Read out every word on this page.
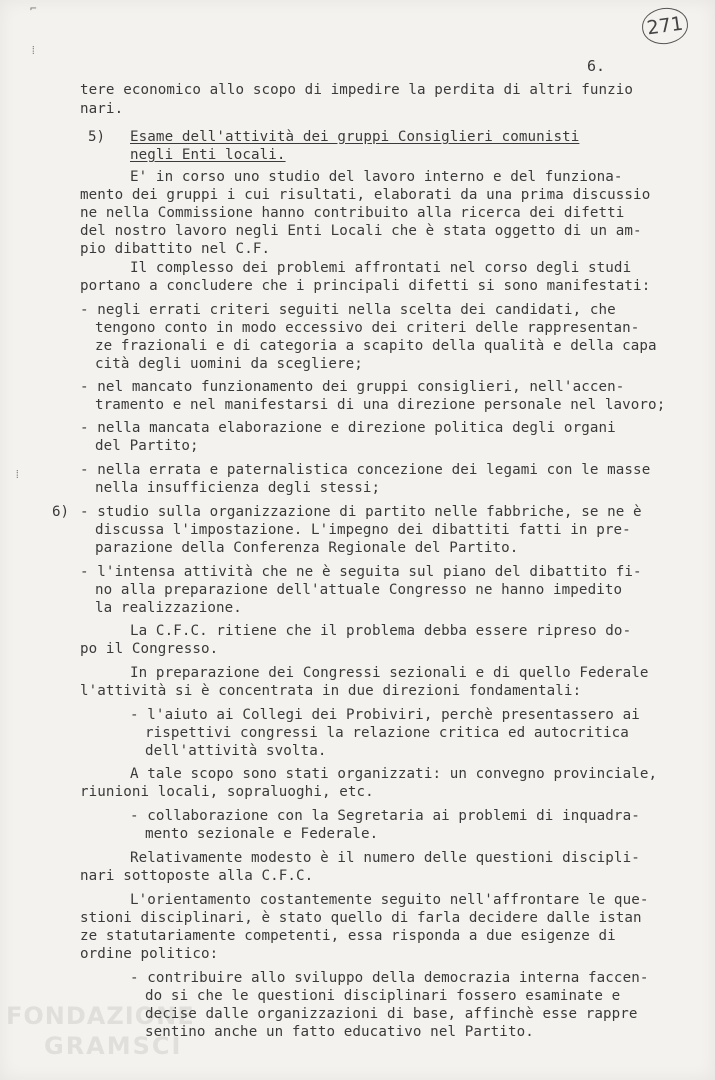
271
6.
⌐
⁞
⁞
tere economico allo scopo di impedire la perdita di altri funzio
nari.
5) Esame dell'attività dei gruppi Consiglieri comunisti
negli Enti locali.
E' in corso uno studio del lavoro interno e del funziona-
mento dei gruppi i cui risultati, elaborati da una prima discussio
ne nella Commissione hanno contribuito alla ricerca dei difetti
del nostro lavoro negli Enti Locali che è stata oggetto di un am-
pio dibattito nel C.F.
Il complesso dei problemi affrontati nel corso degli studi
portano a concludere che i principali difetti si sono manifestati:
- negli errati criteri seguiti nella scelta dei candidati, che
tengono conto in modo eccessivo dei criteri delle rappresentan-
ze frazionali e di categoria a scapito della qualità e della capa
cità degli uomini da scegliere;
- nel mancato funzionamento dei gruppi consiglieri, nell'accen-
tramento e nel manifestarsi di una direzione personale nel lavoro;
- nella mancata elaborazione e direzione politica degli organi
del Partito;
- nella errata e paternalistica concezione dei legami con le masse
nella insufficienza degli stessi;
6) - studio sulla organizzazione di partito nelle fabbriche, se ne è
discussa l'impostazione. L'impegno dei dibattiti fatti in pre-
parazione della Conferenza Regionale del Partito.
- l'intensa attività che ne è seguita sul piano del dibattito fi-
no alla preparazione dell'attuale Congresso ne hanno impedito
la realizzazione.
La C.F.C. ritiene che il problema debba essere ripreso do-
po il Congresso.
In preparazione dei Congressi sezionali e di quello Federale
l'attività si è concentrata in due direzioni fondamentali:
- l'aiuto ai Collegi dei Probiviri, perchè presentassero ai
rispettivi congressi la relazione critica ed autocritica
dell'attività svolta.
A tale scopo sono stati organizzati: un convegno provinciale,
riunioni locali, sopraluoghi, etc.
- collaborazione con la Segretaria ai problemi di inquadra-
mento sezionale e Federale.
Relativamente modesto è il numero delle questioni discipli-
nari sottoposte alla C.F.C.
L'orientamento costantemente seguito nell'affrontare le que-
stioni disciplinari, è stato quello di farla decidere dalle istan
ze statutariamente competenti, essa risponda a due esigenze di
ordine politico:
- contribuire allo sviluppo della democrazia interna faccen-
do si che le questioni disciplinari fossero esaminate e
decise dalle organizzazioni di base, affinchè esse rappre
sentino anche un fatto educativo nel Partito.
FONDAZIONE
GRAMSCI
